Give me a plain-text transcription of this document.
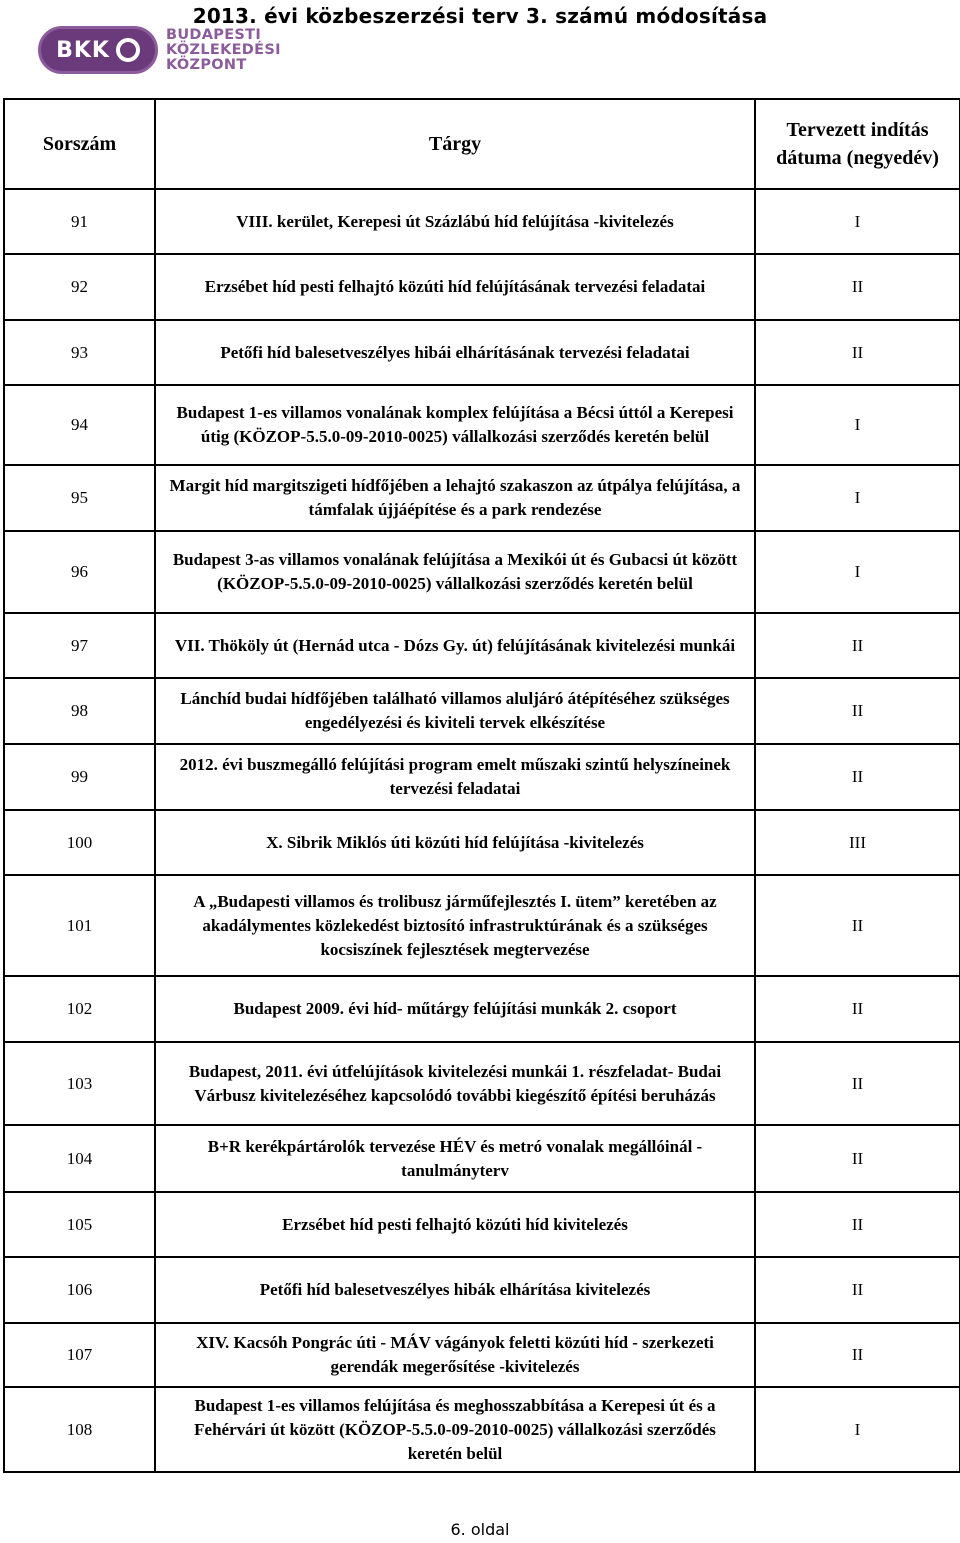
2013. évi közbeszerzési terv 3. számú módosítása
BKK
BUDAPESTI
KÖZLEKEDÉSI
KÖZPONT
Sorszám	Tárgy	Tervezett indítás dátuma (negyedév)
91	VIII. kerület, Kerepesi út Százlábú híd felújítása -kivitelezés	I
92	Erzsébet híd pesti felhajtó közúti híd felújításának tervezési feladatai	II
93	Petőfi híd balesetveszélyes hibái elhárításának tervezési feladatai	II
94	Budapest 1-es villamos vonalának komplex felújítása a Bécsi úttól a Kerepesi útig (KÖZOP-5.5.0-09-2010-0025) vállalkozási szerződés keretén belül	I
95	Margit híd margitszigeti hídfőjében a lehajtó szakaszon az útpálya felújítása, a támfalak újjáépítése és a park rendezése	I
96	Budapest 3-as villamos vonalának felújítása a Mexikói út és Gubacsi út között (KÖZOP-5.5.0-09-2010-0025) vállalkozási szerződés keretén belül	I
97	VII. Thököly út (Hernád utca - Dózs Gy. út) felújításának kivitelezési munkái	II
98	Lánchíd budai hídfőjében található villamos aluljáró átépítéséhez szükséges engedélyezési és kiviteli tervek elkészítése	II
99	2012. évi buszmegálló felújítási program emelt műszaki szintű helyszíneinek tervezési feladatai	II
100	X. Sibrik Miklós úti közúti híd felújítása -kivitelezés	III
101	A „Budapesti villamos és trolibusz járműfejlesztés I. ütem” keretében az akadálymentes közlekedést biztosító infrastruktúrának és a szükséges kocsiszínek fejlesztések megtervezése	II
102	Budapest 2009. évi híd- műtárgy felújítási munkák 2. csoport	II
103	Budapest, 2011. évi útfelújítások kivitelezési munkái 1. részfeladat- Budai Várbusz kivitelezéséhez kapcsolódó további kiegészítő építési beruházás	II
104	B+R kerékpártárolók tervezése HÉV és metró vonalak megállóinál - tanulmányterv	II
105	Erzsébet híd pesti felhajtó közúti híd kivitelezés	II
106	Petőfi híd balesetveszélyes hibák elhárítása kivitelezés	II
107	XIV. Kacsóh Pongrác úti - MÁV vágányok feletti közúti híd - szerkezeti gerendák megerősítése -kivitelezés	II
108	Budapest 1-es villamos felújítása és meghosszabbítása a Kerepesi út és a Fehérvári út között (KÖZOP-5.5.0-09-2010-0025) vállalkozási szerződés keretén belül	I
6. oldal
